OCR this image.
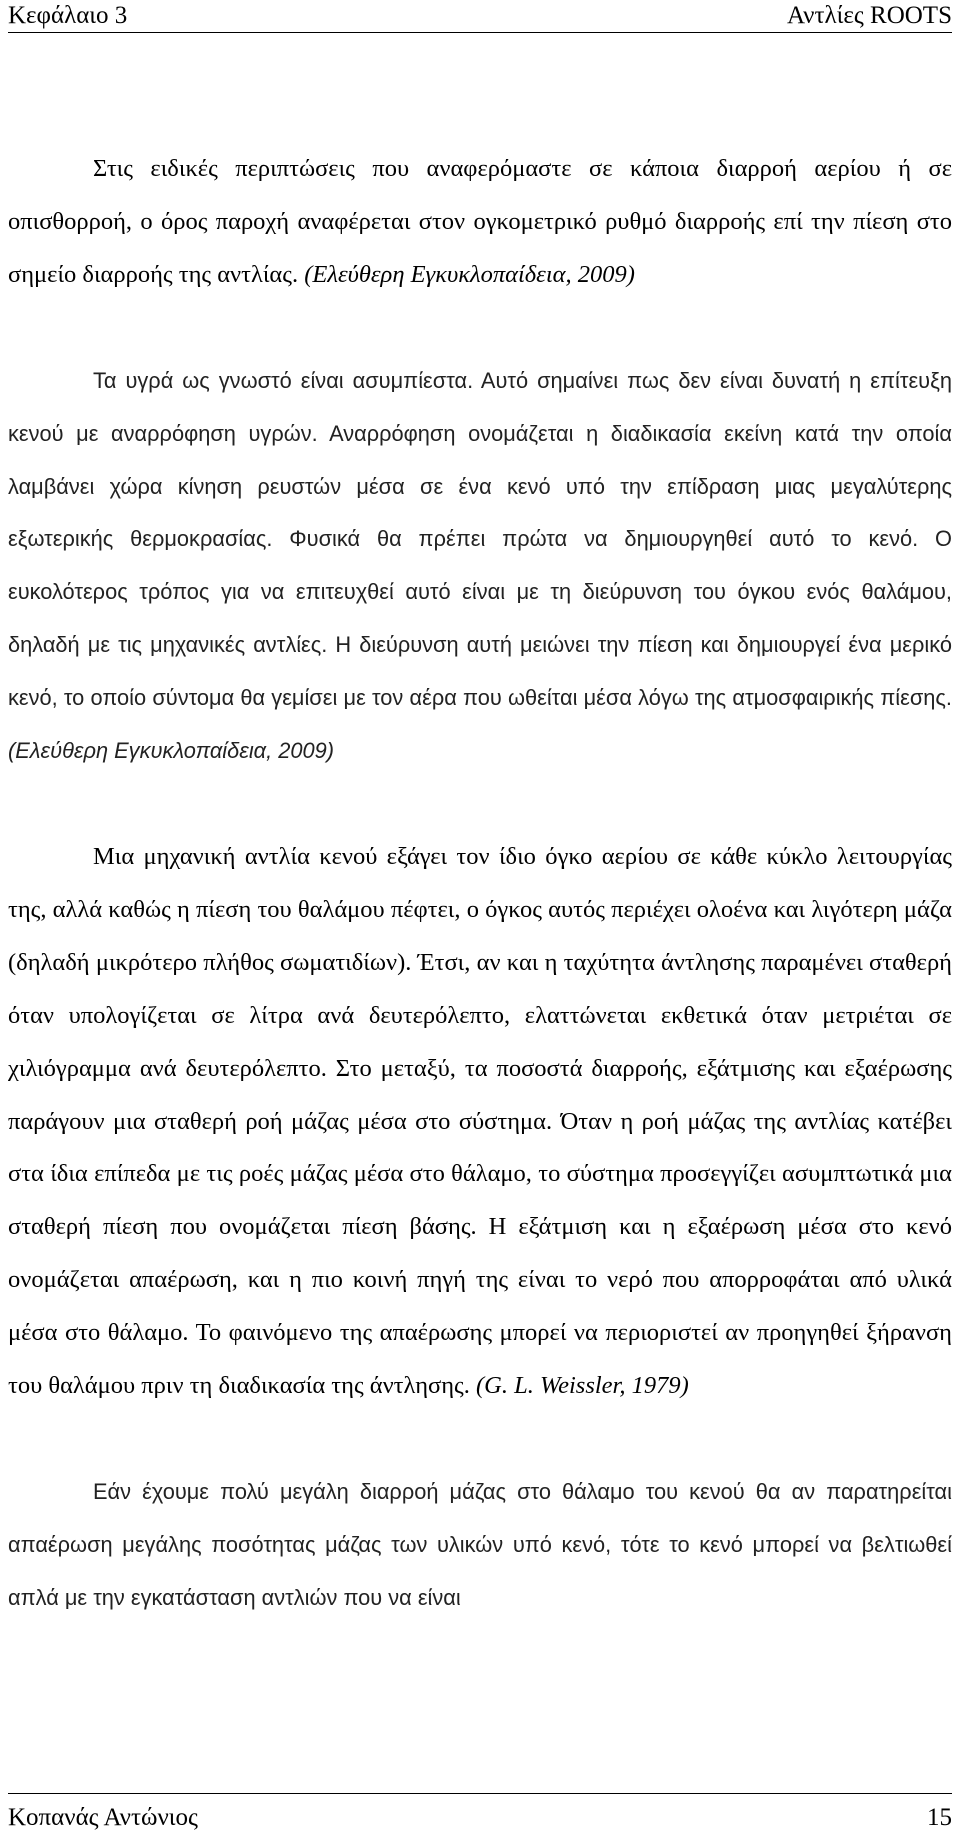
Κεφάλαιο 3	Αντλίες ROOTS

Στις ειδικές περιπτώσεις που αναφερόμαστε σε κάποια διαρροή αερίου ή σε οπισθορροή, ο όρος παροχή αναφέρεται στον ογκομετρικό ρυθμό διαρροής επί την πίεση στο σημείο διαρροής της αντλίας. (Ελεύθερη Εγκυκλοπαίδεια, 2009)

Τα υγρά ως γνωστό είναι ασυμπίεστα. Αυτό σημαίνει πως δεν είναι δυνατή η επίτευξη κενού με αναρρόφηση υγρών. Αναρρόφηση ονομάζεται η διαδικασία εκείνη κατά την οποία λαμβάνει χώρα κίνηση ρευστών μέσα σε ένα κενό υπό την επίδραση μιας μεγαλύτερης εξωτερικής θερμοκρασίας. Φυσικά θα πρέπει πρώτα να δημιουργηθεί αυτό το κενό. Ο ευκολότερος τρόπος για να επιτευχθεί αυτό είναι με τη διεύρυνση του όγκου ενός θαλάμου, δηλαδή με τις μηχανικές αντλίες. Η διεύρυνση αυτή μειώνει την πίεση και δημιουργεί ένα μερικό κενό, το οποίο σύντομα θα γεμίσει με τον αέρα που ωθείται μέσα λόγω της ατμοσφαιρικής πίεσης. (Ελεύθερη Εγκυκλοπαίδεια, 2009)

Μια μηχανική αντλία κενού εξάγει τον ίδιο όγκο αερίου σε κάθε κύκλο λειτουργίας της, αλλά καθώς η πίεση του θαλάμου πέφτει, ο όγκος αυτός περιέχει ολοένα και λιγότερη μάζα (δηλαδή μικρότερο πλήθος σωματιδίων). Έτσι, αν και η ταχύτητα άντλησης παραμένει σταθερή όταν υπολογίζεται σε λίτρα ανά δευτερόλεπτο, ελαττώνεται εκθετικά όταν μετριέται σε χιλιόγραμμα ανά δευτερόλεπτο. Στο μεταξύ, τα ποσοστά διαρροής, εξάτμισης και εξαέρωσης παράγουν μια σταθερή ροή μάζας μέσα στο σύστημα. Όταν η ροή μάζας της αντλίας κατέβει στα ίδια επίπεδα με τις ροές μάζας μέσα στο θάλαμο, το σύστημα προσεγγίζει ασυμπτωτικά μια σταθερή πίεση που ονομάζεται πίεση βάσης. Η εξάτμιση και η εξαέρωση μέσα στο κενό ονομάζεται απαέρωση, και η πιο κοινή πηγή της είναι το νερό που απορροφάται από υλικά μέσα στο θάλαμο. Το φαινόμενο της απαέρωσης μπορεί να περιοριστεί αν προηγηθεί ξήρανση του θαλάμου πριν τη διαδικασία της άντλησης. (G. L. Weissler, 1979)

Εάν έχουμε πολύ μεγάλη διαρροή μάζας στο θάλαμο του κενού θα αν παρατηρείται απαέρωση μεγάλης ποσότητας μάζας των υλικών υπό κενό, τότε το κενό μπορεί να βελτιωθεί απλά με την εγκατάσταση αντλιών που να είναι

Κοπανάς Αντώνιος	15
